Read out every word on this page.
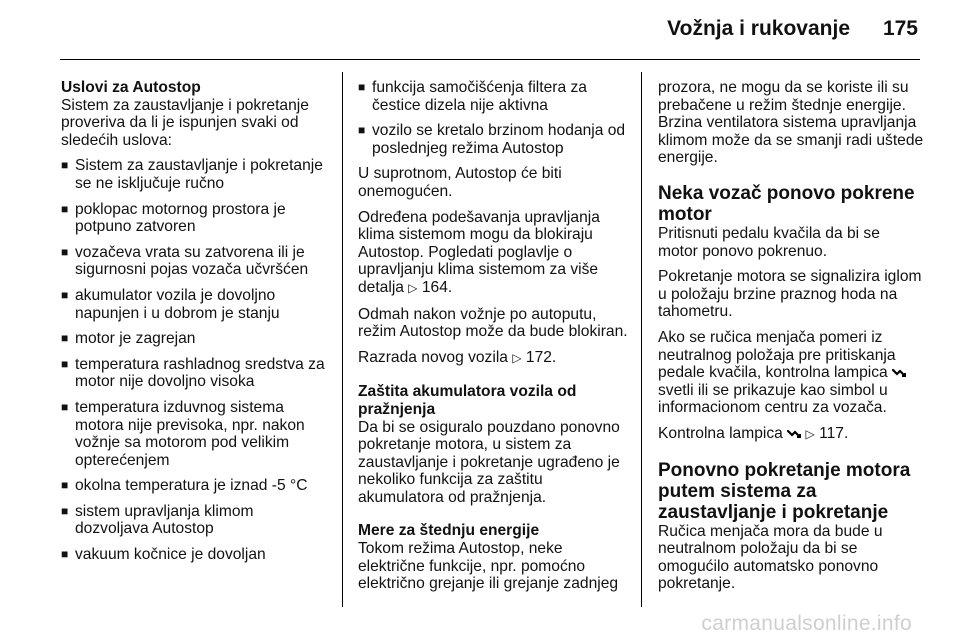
Vožnja i rukovanje 175
Uslovi za Autostop

Sistem za zaustavljanje i pokretanje proveriva da li je ispunjen svaki od sledećih uslova:

■ Sistem za zaustavljanje i pokretanje se ne isključuje ručno
■ poklopac motornog prostora je potpuno zatvoren
■ vozačeva vrata su zatvorena ili je sigurnosni pojas vozača učvršćen
■ akumulator vozila je dovoljno napunjen i u dobrom je stanju
■ motor je zagrejan
■ temperatura rashladnog sredstva za motor nije dovoljno visoka
■ temperatura izduvnog sistema motora nije previsoka, npr. nakon vožnje sa motorom pod velikim opterećenjem
■ okolna temperatura je iznad -5 °C
■ sistem upravljanja klimom dozvoljava Autostop
■ vakuum kočnice je dovoljan
■ funkcija samočišćenja filtera za čestice dizela nije aktivna
■ vozilo se kretalo brzinom hodanja od poslednjeg režima Autostop

U suprotnom, Autostop će biti onemogućen.

Određena podešavanja upravljanja klima sistemom mogu da blokiraju Autostop. Pogledati poglavlje o upravljanju klima sistemom za više detalja ▷ 164.

Odmah nakon vožnje po autoputu, režim Autostop može da bude blokiran.

Razrada novog vozila ▷ 172.

Zaštita akumulatora vozila od pražnjenja

Da bi se osiguralo pouzdano ponovno pokretanje motora, u sistem za zaustavljanje i pokretanje ugrađeno je nekoliko funkcija za zaštitu akumulatora od pražnjenja.

Mere za štednju energije

Tokom režima Autostop, neke električne funkcije, npr. pomoćno električno grejanje ili grejanje zadnjeg

prozora, ne mogu da se koriste ili su prebačene u režim štednje energije. Brzina ventilatora sistema upravljanja klimom može da se smanji radi uštede energije.

Neka vozač ponovo pokrene motor

Pritisnuti pedalu kvačila da bi se motor ponovo pokrenuo.

Pokretanje motora se signalizira iglom u položaju brzine praznog hoda na tahometru.

Ako se ručica menjača pomeri iz neutralnog položaja pre pritiskanja pedale kvačila, kontrolna lampica  svetli ili se prikazuje kao simbol u informacionom centru za vozača.

Kontrolna lampica ▷ 117.

Ponovno pokretanje motora putem sistema za zaustavljanje i pokretanje

Ručica menjača mora da bude u neutralnom položaju da bi se omogućilo automatsko ponovno pokretanje.

carmanualsonline.info
